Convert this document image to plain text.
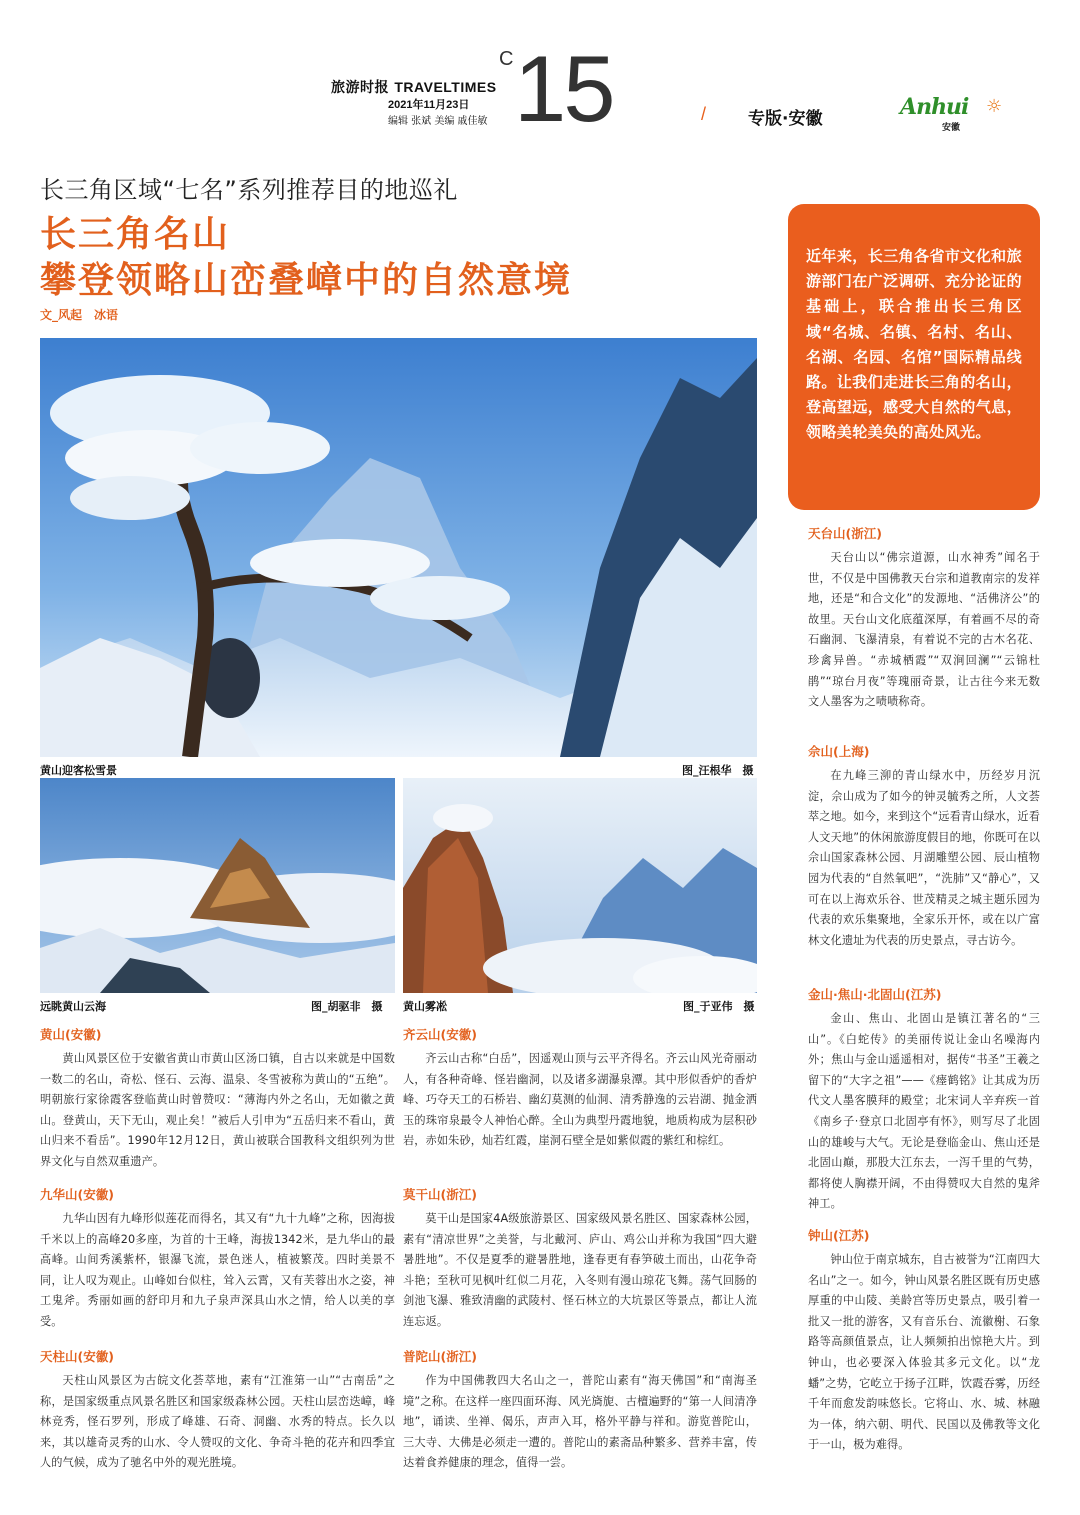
旅游时报 TRAVELTIMES
2021年11月23日
编辑 张斌 美编 戚佳敏
C 15	/ 专版·安徽	Anhui ☼
安徽
长三角区域“七名”系列推荐目的地巡礼
长三角名山
攀登领略山峦叠嶂中的自然意境
文_风起　冰语

近年来，长三角各省市文化和旅游部门在广泛调研、充分论证的基础上，联合推出长三角区域“名城、名镇、名村、名山、名湖、名园、名馆”国际精品线路。让我们走进长三角的名山，登高望远，感受大自然的气息，领略美轮美奂的高处风光。

黄山迎客松雪景	图_汪根华　摄
远眺黄山云海	图_胡驱非　摄 黄山雾凇	图_于亚伟　摄
黄山(安徽)

黄山风景区位于安徽省黄山市黄山区汤口镇，自古以来就是中国数一数二的名山，奇松、怪石、云海、温泉、冬雪被称为黄山的“五绝”。明朝旅行家徐霞客登临黄山时曾赞叹：“薄海内外之名山，无如徽之黄山。登黄山，天下无山，观止矣！”被后人引申为“五岳归来不看山，黄山归来不看岳”。1990年12月12日，黄山被联合国教科文组织列为世界文化与自然双重遗产。

九华山(安徽)

九华山因有九峰形似莲花而得名，其又有“九十九峰”之称，因海拔千米以上的高峰20多座，为首的十王峰，海拔1342米，是九华山的最高峰。山间秀溪紫杯，银瀑飞流，景色迷人，植被繁茂。四时美景不同，让人叹为观止。山峰如台似柱，耸入云霄，又有芙蓉出水之姿，神工鬼斧。秀丽如画的舒印月和九子泉声深具山水之情，给人以美的享受。

天柱山(安徽)

天柱山风景区为古皖文化荟萃地，素有“江淮第一山”“古南岳”之称，是国家级重点风景名胜区和国家级森林公园。天柱山层峦迭嶂，峰林竞秀，怪石罗列，形成了峰雄、石奇、洞幽、水秀的特点。长久以来，其以雄奇灵秀的山水、令人赞叹的文化、争奇斗艳的花卉和四季宜人的气候，成为了驰名中外的观光胜境。

齐云山(安徽)

齐云山古称“白岳”，因遥观山顶与云平齐得名。齐云山风光奇丽动人，有各种奇峰、怪岩幽洞，以及诸多湖瀑泉潭。其中形似香炉的香炉峰、巧夺天工的石桥岩、幽幻莫测的仙洞、清秀静逸的云岩湖、抛金洒玉的珠帘泉最令人神怡心醉。全山为典型丹霞地貌，地质构成为层积砂岩，赤如朱砂，灿若红霞，崖洞石壁全是如紫似霞的紫红和棕红。

莫干山(浙江)

莫干山是国家4A级旅游景区、国家级风景名胜区、国家森林公园，素有“清凉世界”之美誉，与北戴河、庐山、鸡公山并称为我国“四大避暑胜地”。不仅是夏季的避暑胜地，逢春更有春笋破土而出，山花争奇斗艳；至秋可见枫叶红似二月花，入冬则有漫山琼花飞舞。荡气回肠的剑池飞瀑、雅致清幽的武陵村、怪石林立的大坑景区等景点，都让人流连忘返。

普陀山(浙江)

作为中国佛教四大名山之一，普陀山素有“海天佛国”和“南海圣境”之称。在这样一座四面环海、风光旖旎、古檀遍野的“第一人间清净地”，诵读、坐禅、偈乐，声声入耳，格外平静与祥和。游览普陀山，三大寺、大佛是必须走一遭的。普陀山的素斋品种繁多、营养丰富，传达着食养健康的理念，值得一尝。

天台山(浙江)

天台山以“佛宗道源，山水神秀”闻名于世，不仅是中国佛教天台宗和道教南宗的发祥地，还是“和合文化”的发源地、“活佛济公”的故里。天台山文化底蕴深厚，有着画不尽的奇石幽洞、飞瀑清泉，有着说不完的古木名花、珍禽异兽。“赤城栖霞”“双涧回澜”“云锦杜鹃”“琼台月夜”等瑰丽奇景，让古往今来无数文人墨客为之啧啧称奇。

佘山(上海)

在九峰三泖的青山绿水中，历经岁月沉淀，佘山成为了如今的钟灵毓秀之所，人文荟萃之地。如今，来到这个“远看青山绿水，近看人文天地”的休闲旅游度假目的地，你既可在以佘山国家森林公园、月湖雕塑公园、辰山植物园为代表的“自然氧吧”，“洗肺”又“静心”，又可在以上海欢乐谷、世茂精灵之城主题乐园为代表的欢乐集聚地，全家乐开怀，或在以广富林文化遗址为代表的历史景点，寻古访今。

金山·焦山·北固山(江苏)

金山、焦山、北固山是镇江著名的“三山”。《白蛇传》的美丽传说让金山名噪海内外；焦山与金山遥遥相对，据传“书圣”王羲之留下的“大字之祖”——《瘗鹤铭》让其成为历代文人墨客膜拜的殿堂；北宋词人辛弃疾一首《南乡子·登京口北固亭有怀》，则写尽了北固山的雄峻与大气。无论是登临金山、焦山还是北固山巅，那股大江东去，一泻千里的气势，都将使人胸襟开阔，不由得赞叹大自然的鬼斧神工。

钟山(江苏)

钟山位于南京城东，自古被誉为“江南四大名山”之一。如今，钟山风景名胜区既有历史感厚重的中山陵、美龄宫等历史景点，吸引着一批又一批的游客，又有音乐台、流徽榭、石象路等高颜值景点，让人频频拍出惊艳大片。到钟山，也必要深入体验其多元文化。以“龙蟠”之势，它屹立于扬子江畔，饮霞吞雾，历经千年而愈发韵味悠长。它将山、水、城、林融为一体，纳六朝、明代、民国以及佛教等文化于一山，极为难得。
